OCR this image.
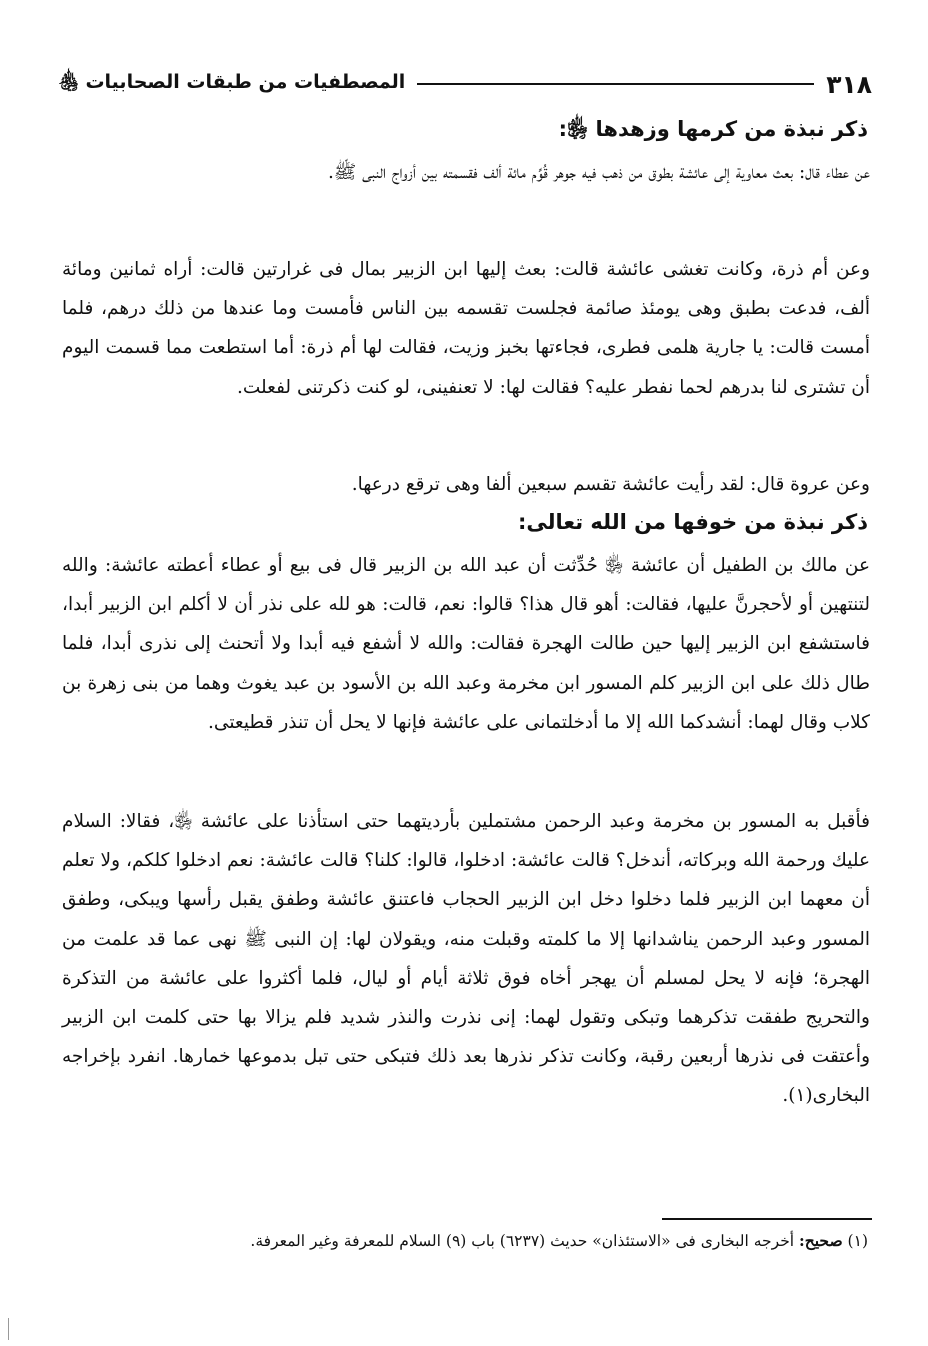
٣١٨
المصطفيات من طبقات الصحابيات ﵃
ذكر نبذة من كرمها وزهدها ﵂:

عن عطاء قال: بعث معاوية إلى عائشة بطوق من ذهب فيه جوهر قُوِّم مائة ألف فقسمته بين أزواج النبى ﷺ.

وعن أم ذرة، وكانت تغشى عائشة قالت: بعث إليها ابن الزبير بمال فى غرارتين قالت: أراه ثمانين ومائة ألف، فدعت بطبق وهى يومئذ صائمة فجلست تقسمه بين الناس فأمست وما عندها من ذلك درهم، فلما أمست قالت: يا جارية هلمى فطرى، فجاءتها بخبز وزيت، فقالت لها أم ذرة: أما استطعت مما قسمت اليوم أن تشترى لنا بدرهم لحما نفطر عليه؟ فقالت لها: لا تعنفينى، لو كنت ذكرتنى لفعلت.

وعن عروة قال: لقد رأيت عائشة تقسم سبعين ألفا وهى ترقع درعها.

ذكر نبذة من خوفها من الله تعالى:

عن مالك بن الطفيل أن عائشة ﵂ حُدِّثت أن عبد الله بن الزبير قال فى بيع أو عطاء أعطته عائشة: والله لتنتهين أو لأحجرنَّ عليها، فقالت: أهو قال هذا؟ قالوا: نعم، قالت: هو لله على نذر أن لا أكلم ابن الزبير أبدا، فاستشفع ابن الزبير إليها حين طالت الهجرة فقالت: والله لا أشفع فيه أبدا ولا أتحنث إلى نذرى أبدا، فلما طال ذلك على ابن الزبير كلم المسور ابن مخرمة وعبد الله بن الأسود بن عبد يغوث وهما من بنى زهرة بن كلاب وقال لهما: أنشدكما الله إلا ما أدخلتمانى على عائشة فإنها لا يحل أن تنذر قطيعتى.

فأقبل به المسور بن مخرمة وعبد الرحمن مشتملين بأرديتهما حتى استأذنا على عائشة ﵂، فقالا: السلام عليك ورحمة الله وبركاته، أندخل؟ قالت عائشة: ادخلوا، قالوا: كلنا؟ قالت عائشة: نعم ادخلوا كلكم، ولا تعلم أن معهما ابن الزبير فلما دخلوا دخل ابن الزبير الحجاب فاعتنق عائشة وطفق يقبل رأسها ويبكى، وطفق المسور وعبد الرحمن يناشدانها إلا ما كلمته وقبلت منه، ويقولان لها: إن النبى ﷺ نهى عما قد علمت من الهجرة؛ فإنه لا يحل لمسلم أن يهجر أخاه فوق ثلاثة أيام أو ليال، فلما أكثروا على عائشة من التذكرة والتحريج طفقت تذكرهما وتبكى وتقول لهما: إنى نذرت والنذر شديد فلم يزالا بها حتى كلمت ابن الزبير وأعتقت فى نذرها أربعين رقبة، وكانت تذكر نذرها بعد ذلك فتبكى حتى تبل بدموعها خمارها. انفرد بإخراجه البخارى(١).

(١) صحيح: أخرجه البخارى فى «الاستئذان» حديث (٦٢٣٧) باب (٩) السلام للمعرفة وغير المعرفة.
